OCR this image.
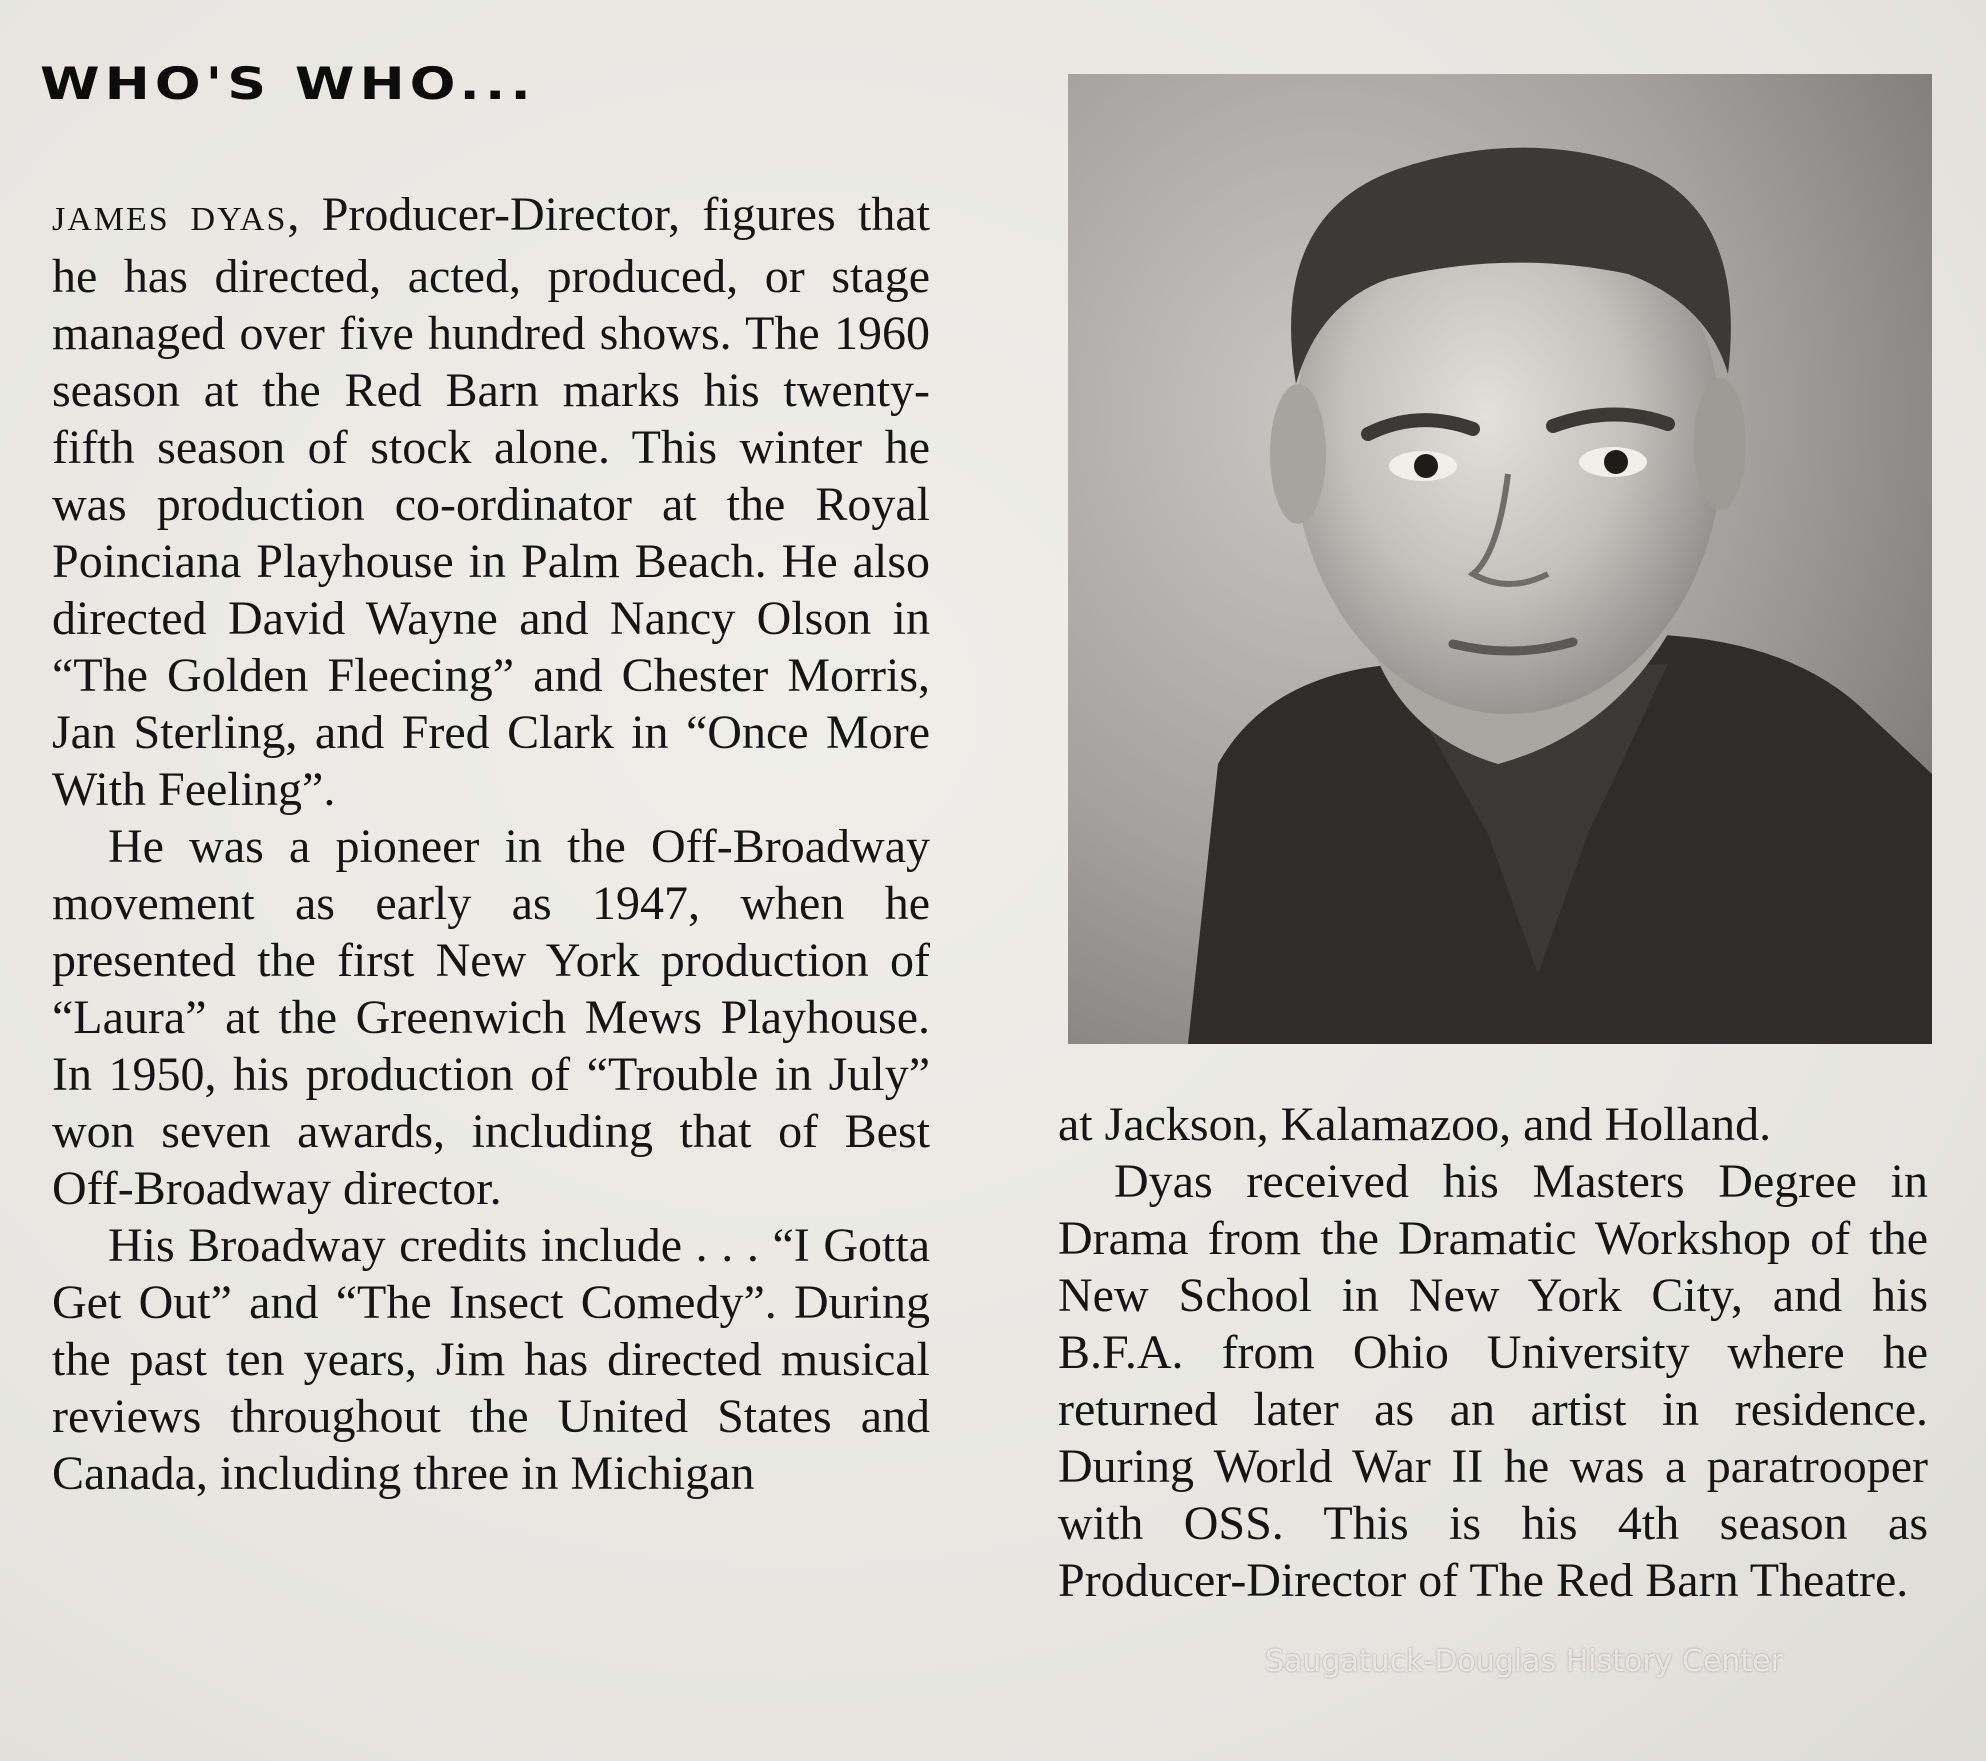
WHO'S WHO...

JAMES DYAS, Producer-Director, figures that he has directed, acted, produced, or stage managed over five hundred shows. The 1960 season at the Red Barn marks his twenty-fifth season of stock alone. This winter he was production co-ordinator at the Royal Poinciana Playhouse in Palm Beach. He also directed David Wayne and Nancy Olson in “The Golden Fleecing” and Chester Morris, Jan Sterling, and Fred Clark in “Once More With Feeling”.

He was a pioneer in the Off-Broadway movement as early as 1947, when he presented the first New York production of “Laura” at the Greenwich Mews Playhouse. In 1950, his production of “Trouble in July” won seven awards, including that of Best Off-Broadway director.

His Broadway credits include . . . “I Gotta Get Out” and “The Insect Comedy”. During the past ten years, Jim has directed musical reviews throughout the United States and Canada, including three in Michigan

at Jackson, Kalamazoo, and Holland.

Dyas received his Masters Degree in Drama from the Dramatic Workshop of the New School in New York City, and his B.F.A. from Ohio University where he returned later as an artist in residence. During World War II he was a paratrooper with OSS. This is his 4th season as Producer-Director of The Red Barn Theatre.

Saugatuck-Douglas History Center
